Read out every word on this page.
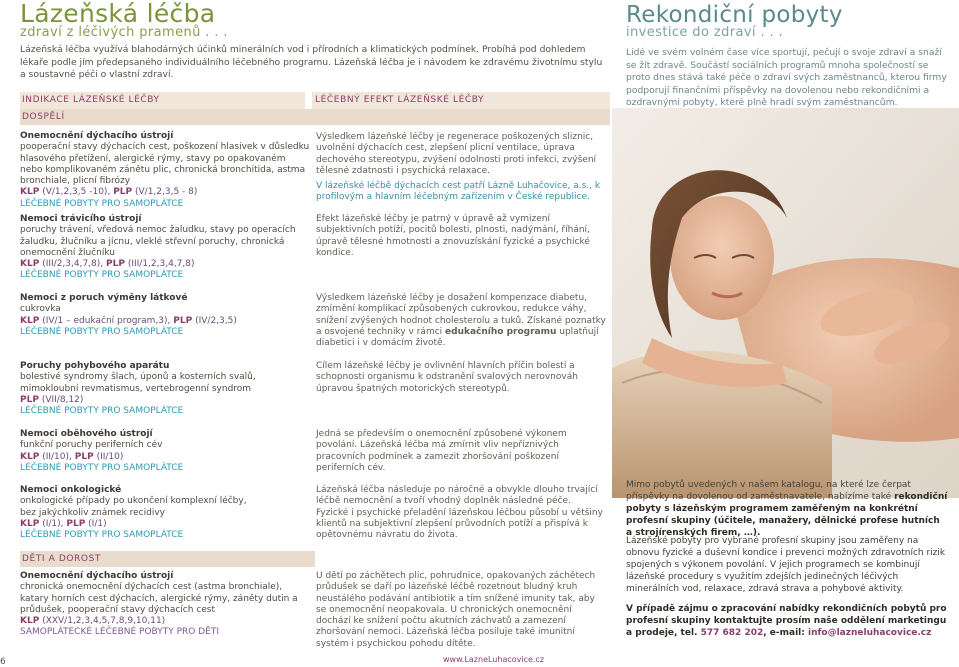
Lázeňská léčba
zdraví z léčivých pramenů . . .
Lázeňská léčba využívá blahodárných účinků minerálních vod i přírodních a klimatických podmínek. Probíhá pod dohledem lékaře podle jím předepsaného individuálního léčebného programu. Lázeňská léčba je i návodem ke zdravému životnímu stylu a soustavné péči o vlastní zdraví.
Rekondiční pobyty
investice do zdraví . . .
Lidé ve svém volném čase více sportují, pečují o svoje zdraví a snaží se žít zdravě. Součástí sociálních programů mnoha společností se proto dnes stává také péče o zdraví svých zaměstnanců, kterou firmy podporují finančními příspěvky na dovolenou nebo rekondičními a ozdravnými pobyty, které plně hradí svým zaměstnancům.
INDIKACE LÁZEŇSKÉ LÉČBY	LÉČEBNÝ EFEKT LÁZEŇSKÉ LÉČBY
DOSPĚLÍ
DĚTI A DOROST
Onemocnění dýchacího ústrojí
pooperační stavy dýchacích cest, poškození hlasivek v důsledku hlasového přetížení, alergické rýmy, stavy po opakovaném nebo komplikovaném zánětu plic, chronická bronchitida, astma bronchiale, plicní fibrózy
KLP (V/1,2,3,5 -10), PLP (V/1,2,3,5 - 8)
LÉČEBNÉ POBYTY PRO SAMOPLÁTCE
Nemoci trávicího ústrojí
poruchy trávení, vředová nemoc žaludku, stavy po operacích žaludku, žlučníku a jícnu, vleklé střevní poruchy, chronická onemocnění žlučníku
KLP (III/2,3,4,7,8), PLP (III/1,2,3,4,7,8)
LÉČEBNÉ POBYTY PRO SAMOPLÁTCE
Nemoci z poruch výměny látkové
cukrovka
KLP (IV/1 – edukační program,3), PLP (IV/2,3,5)
LÉČEBNÉ POBYTY PRO SAMOPLÁTCE
Poruchy pohybového aparátu
bolestivé syndromy šlach, úponů a kosterních svalů, mimokloubní revmatismus, vertebrogenní syndrom
PLP (VII/8,12)
LÉČEBNÉ POBYTY PRO SAMOPLÁTCE
Nemoci oběhového ústrojí
funkční poruchy periferních cév
KLP (II/10), PLP (II/10)
LÉČEBNÉ POBYTY PRO SAMOPLÁTCE
Nemoci onkologické
onkologické případy po ukončení komplexní léčby, bez jakýchkoliv známek recidivy
KLP (I/1), PLP (I/1)
LÉČEBNÉ POBYTY PRO SAMOPLÁTCE
Onemocnění dýchacího ústrojí
chronická onemocnění dýchacích cest (astma bronchiale), katary horních cest dýchacích, alergické rýmy, záněty dutin a průdušek, pooperační stavy dýchacích cest
KLP (XXV/1,2,3,4,5,7,8,9,10,11)
SAMOPLÁTECKÉ LÉČEBNÉ POBYTY PRO DĚTI
Výsledkem lázeňské léčby je regenerace poškozených sliznic, uvolnění dýchacích cest, zlepšení plicní ventilace, úprava dechového stereotypu, zvýšení odolnosti proti infekci, zvýšení tělesné zdatnosti i psychická relaxace.
V lázeňské léčbě dýchacích cest patří Lázně Luhačovice, a.s., k profilovým a hlavním léčebným zařízením v České republice.
Efekt lázeňské léčby je patrný v úpravě až vymizení subjektivních potíží, pocitů bolesti, plnosti, nadýmání, říhání, úpravě tělesné hmotnosti a znovuzískání fyzické a psychické kondice.
Výsledkem lázeňské léčby je dosažení kompenzace diabetu, zmírnění komplikací způsobených cukrovkou, redukce váhy, snížení zvýšených hodnot cholesterolu a tuků. Získané poznatky a osvojené techniky v rámci edukačního programu uplatňují diabetici i v domácím životě.
Cílem lázeňské léčby je ovlivnění hlavních příčin bolestí a schopnosti organismu k odstranění svalových nerovnováh úpravou špatných motorických stereotypů.
Jedná se především o onemocnění způsobené výkonem povolání. Lázeňská léčba má zmírnit vliv nepříznivých pracovních podmínek a zamezit zhoršování poškození periferních cév.
Lázeňská léčba následuje po náročné a obvykle dlouho trvající léčbě nemocnění a tvoří vhodný doplněk následné péče. Fyzické i psychické přeladění lázeňskou léčbou působí u většiny klientů na subjektivní zlepšení průvodních potíží a přispívá k opětovnému návratu do života.
U dětí po záchětech plic, pohrudnice, opakovaných záchětech průdušek se daří po lázeňské léčbě rozetnout bludný kruh neustálého podávání antibiotik a tím snížené imunity tak, aby se onemocnění neopakovala. U chronických onemocnění dochází ke snížení počtu akutních záchvatů a zamezení zhoršování nemoci. Lázeňská léčba posiluje také imunitní systém i psychickou pohodu dítěte.
Mimo pobytů uvedených v našem katalogu, na které lze čerpat příspěvky na dovolenou od zaměstnavatele, nabízíme také rekondiční pobyty s lázeňským programem zaměřeným na konkrétní profesní skupiny (účitele, manažery, dělnické profese hutních a strojírenských firem, …).
Lázeňské pobyty pro vybrané profesní skupiny jsou zaměřeny na obnovu fyzické a duševní kondice i prevenci možných zdravotních rizik spojených s výkonem povolání. V jejich programech se kombinují lázeňské procedury s využitím zdejších jedinečných léčivých minerálních vod, relaxace, zdravá strava a pohybové aktivity.
V případě zájmu o zpracování nabídky rekondičních pobytů pro profesní skupiny kontaktujte prosím naše oddělení marketingu a prodeje, tel. 577 682 202, e-mail: info@lazneluhacovice.cz
www.LazneLuhacovice.cz
6
